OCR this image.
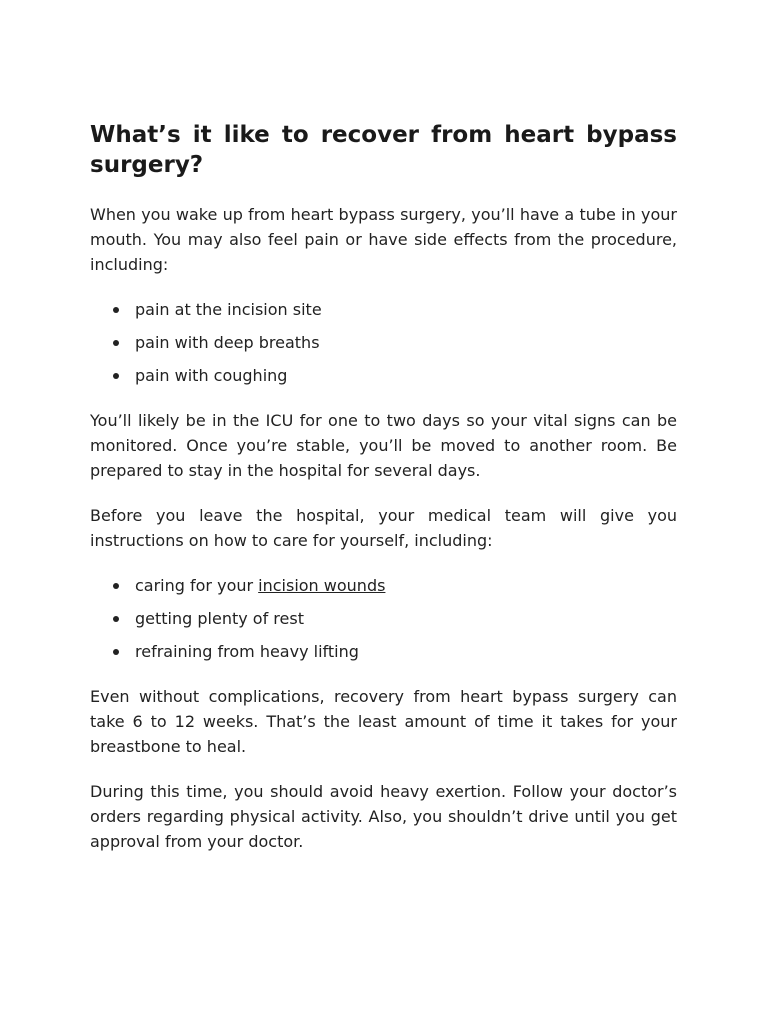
What’s it like to recover from heart bypass surgery?

When you wake up from heart bypass surgery, you’ll have a tube in your mouth. You may also feel pain or have side effects from the procedure, including:

pain at the incision site
pain with deep breaths
pain with coughing

You’ll likely be in the ICU for one to two days so your vital signs can be monitored. Once you’re stable, you’ll be moved to another room. Be prepared to stay in the hospital for several days.

Before you leave the hospital, your medical team will give you instructions on how to care for yourself, including:

caring for your incision wounds
getting plenty of rest
refraining from heavy lifting

Even without complications, recovery from heart bypass surgery can take 6 to 12 weeks. That’s the least amount of time it takes for your breastbone to heal.

During this time, you should avoid heavy exertion. Follow your doctor’s orders regarding physical activity. Also, you shouldn’t drive until you get approval from your doctor.
